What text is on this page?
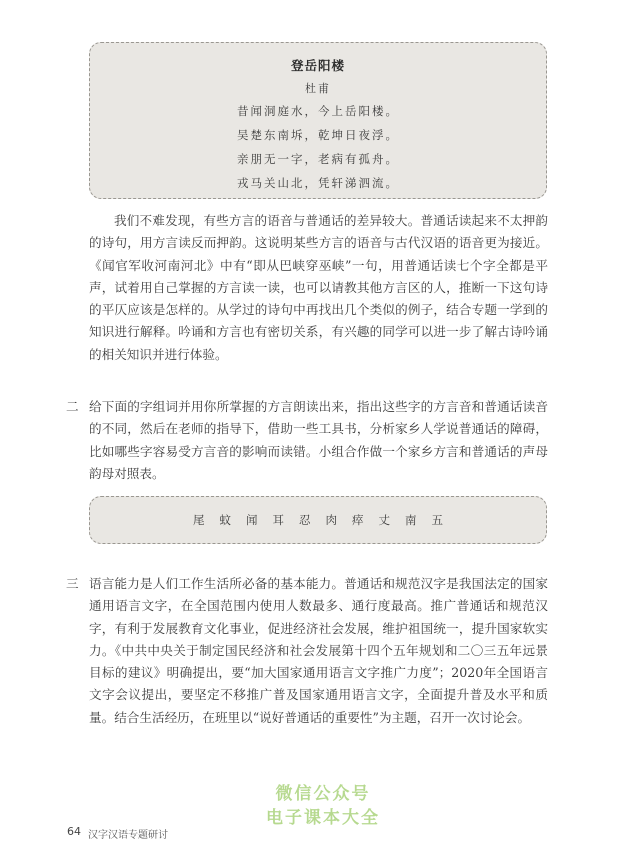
登岳阳楼
杜甫
昔闻洞庭水，今上岳阳楼。
吴楚东南坼，乾坤日夜浮。
亲朋无一字，老病有孤舟。
戎马关山北，凭轩涕泗流。

我们不难发现，有些方言的语音与普通话的差异较大。普通话读起来不太押韵的诗句，用方言读反而押韵。这说明某些方言的语音与古代汉语的语音更为接近。《闻官军收河南河北》中有“即从巴峡穿巫峡”一句，用普通话读七个字全都是平声，试着用自己掌握的方言读一读，也可以请教其他方言区的人，推断一下这句诗的平仄应该是怎样的。从学过的诗句中再找出几个类似的例子，结合专题一学到的知识进行解释。吟诵和方言也有密切关系，有兴趣的同学可以进一步了解古诗吟诵的相关知识并进行体验。

二 给下面的字组词并用你所掌握的方言朗读出来，指出这些字的方言音和普通话读音的不同，然后在老师的指导下，借助一些工具书，分析家乡人学说普通话的障碍，比如哪些字容易受方言音的影响而读错。小组合作做一个家乡方言和普通话的声母韵母对照表。

尾	蚊	闻	耳	忍	肉	瘁	丈	南	五
三 语言能力是人们工作生活所必备的基本能力。普通话和规范汉字是我国法定的国家通用语言文字，在全国范围内使用人数最多、通行度最高。推广普通话和规范汉字，有利于发展教育文化事业，促进经济社会发展，维护祖国统一，提升国家软实力。《中共中央关于制定国民经济和社会发展第十四个五年规划和二〇三五年远景目标的建议》明确提出，要“加大国家通用语言文字推广力度”；2020年全国语言文字会议提出，要坚定不移推广普及国家通用语言文字，全面提升普及水平和质量。结合生活经历，在班里以“说好普通话的重要性”为主题，召开一次讨论会。

微信公众号
电子课本大全
64 汉字汉语专题研讨
